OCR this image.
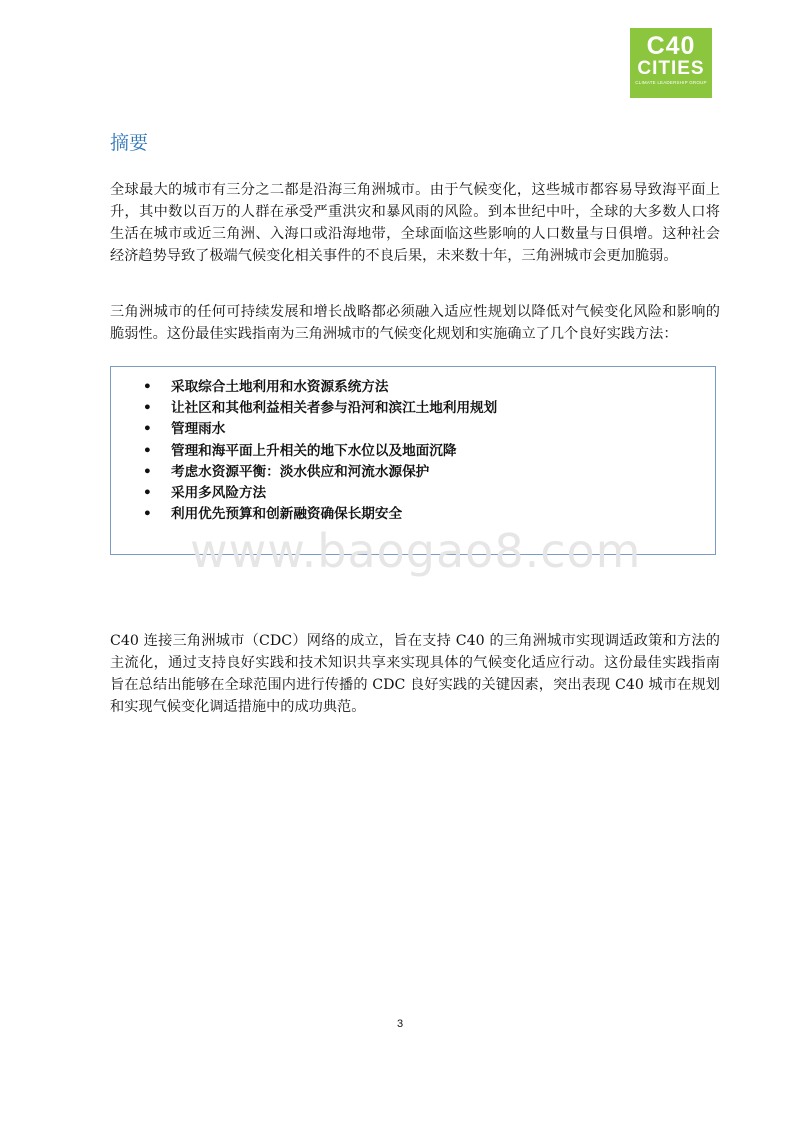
C40
CITIES
CLIMATE LEADERSHIP GROUP
摘要

全球最大的城市有三分之二都是沿海三角洲城市。由于气候变化，这些城市都容易导致海平面上升，其中数以百万的人群在承受严重洪灾和暴风雨的风险。到本世纪中叶，全球的大多数人口将生活在城市或近三角洲、入海口或沿海地带，全球面临这些影响的人口数量与日俱增。这种社会经济趋势导致了极端气候变化相关事件的不良后果，未来数十年，三角洲城市会更加脆弱。

三角洲城市的任何可持续发展和增长战略都必须融入适应性规划以降低对气候变化风险和影响的脆弱性。这份最佳实践指南为三角洲城市的气候变化规划和实施确立了几个良好实践方法：

• 采取综合土地利用和水资源系统方法
• 让社区和其他利益相关者参与沿河和滨江土地利用规划
• 管理雨水
• 管理和海平面上升相关的地下水位以及地面沉降
• 考虑水资源平衡：淡水供应和河流水源保护
• 采用多风险方法
• 利用优先预算和创新融资确保长期安全
www.baogao8.com

C40 连接三角洲城市（CDC）网络的成立，旨在支持 C40 的三角洲城市实现调适政策和方法的主流化，通过支持良好实践和技术知识共享来实现具体的气候变化适应行动。这份最佳实践指南旨在总结出能够在全球范围内进行传播的 CDC 良好实践的关键因素，突出表现 C40 城市在规划和实现气候变化调适措施中的成功典范。

3
